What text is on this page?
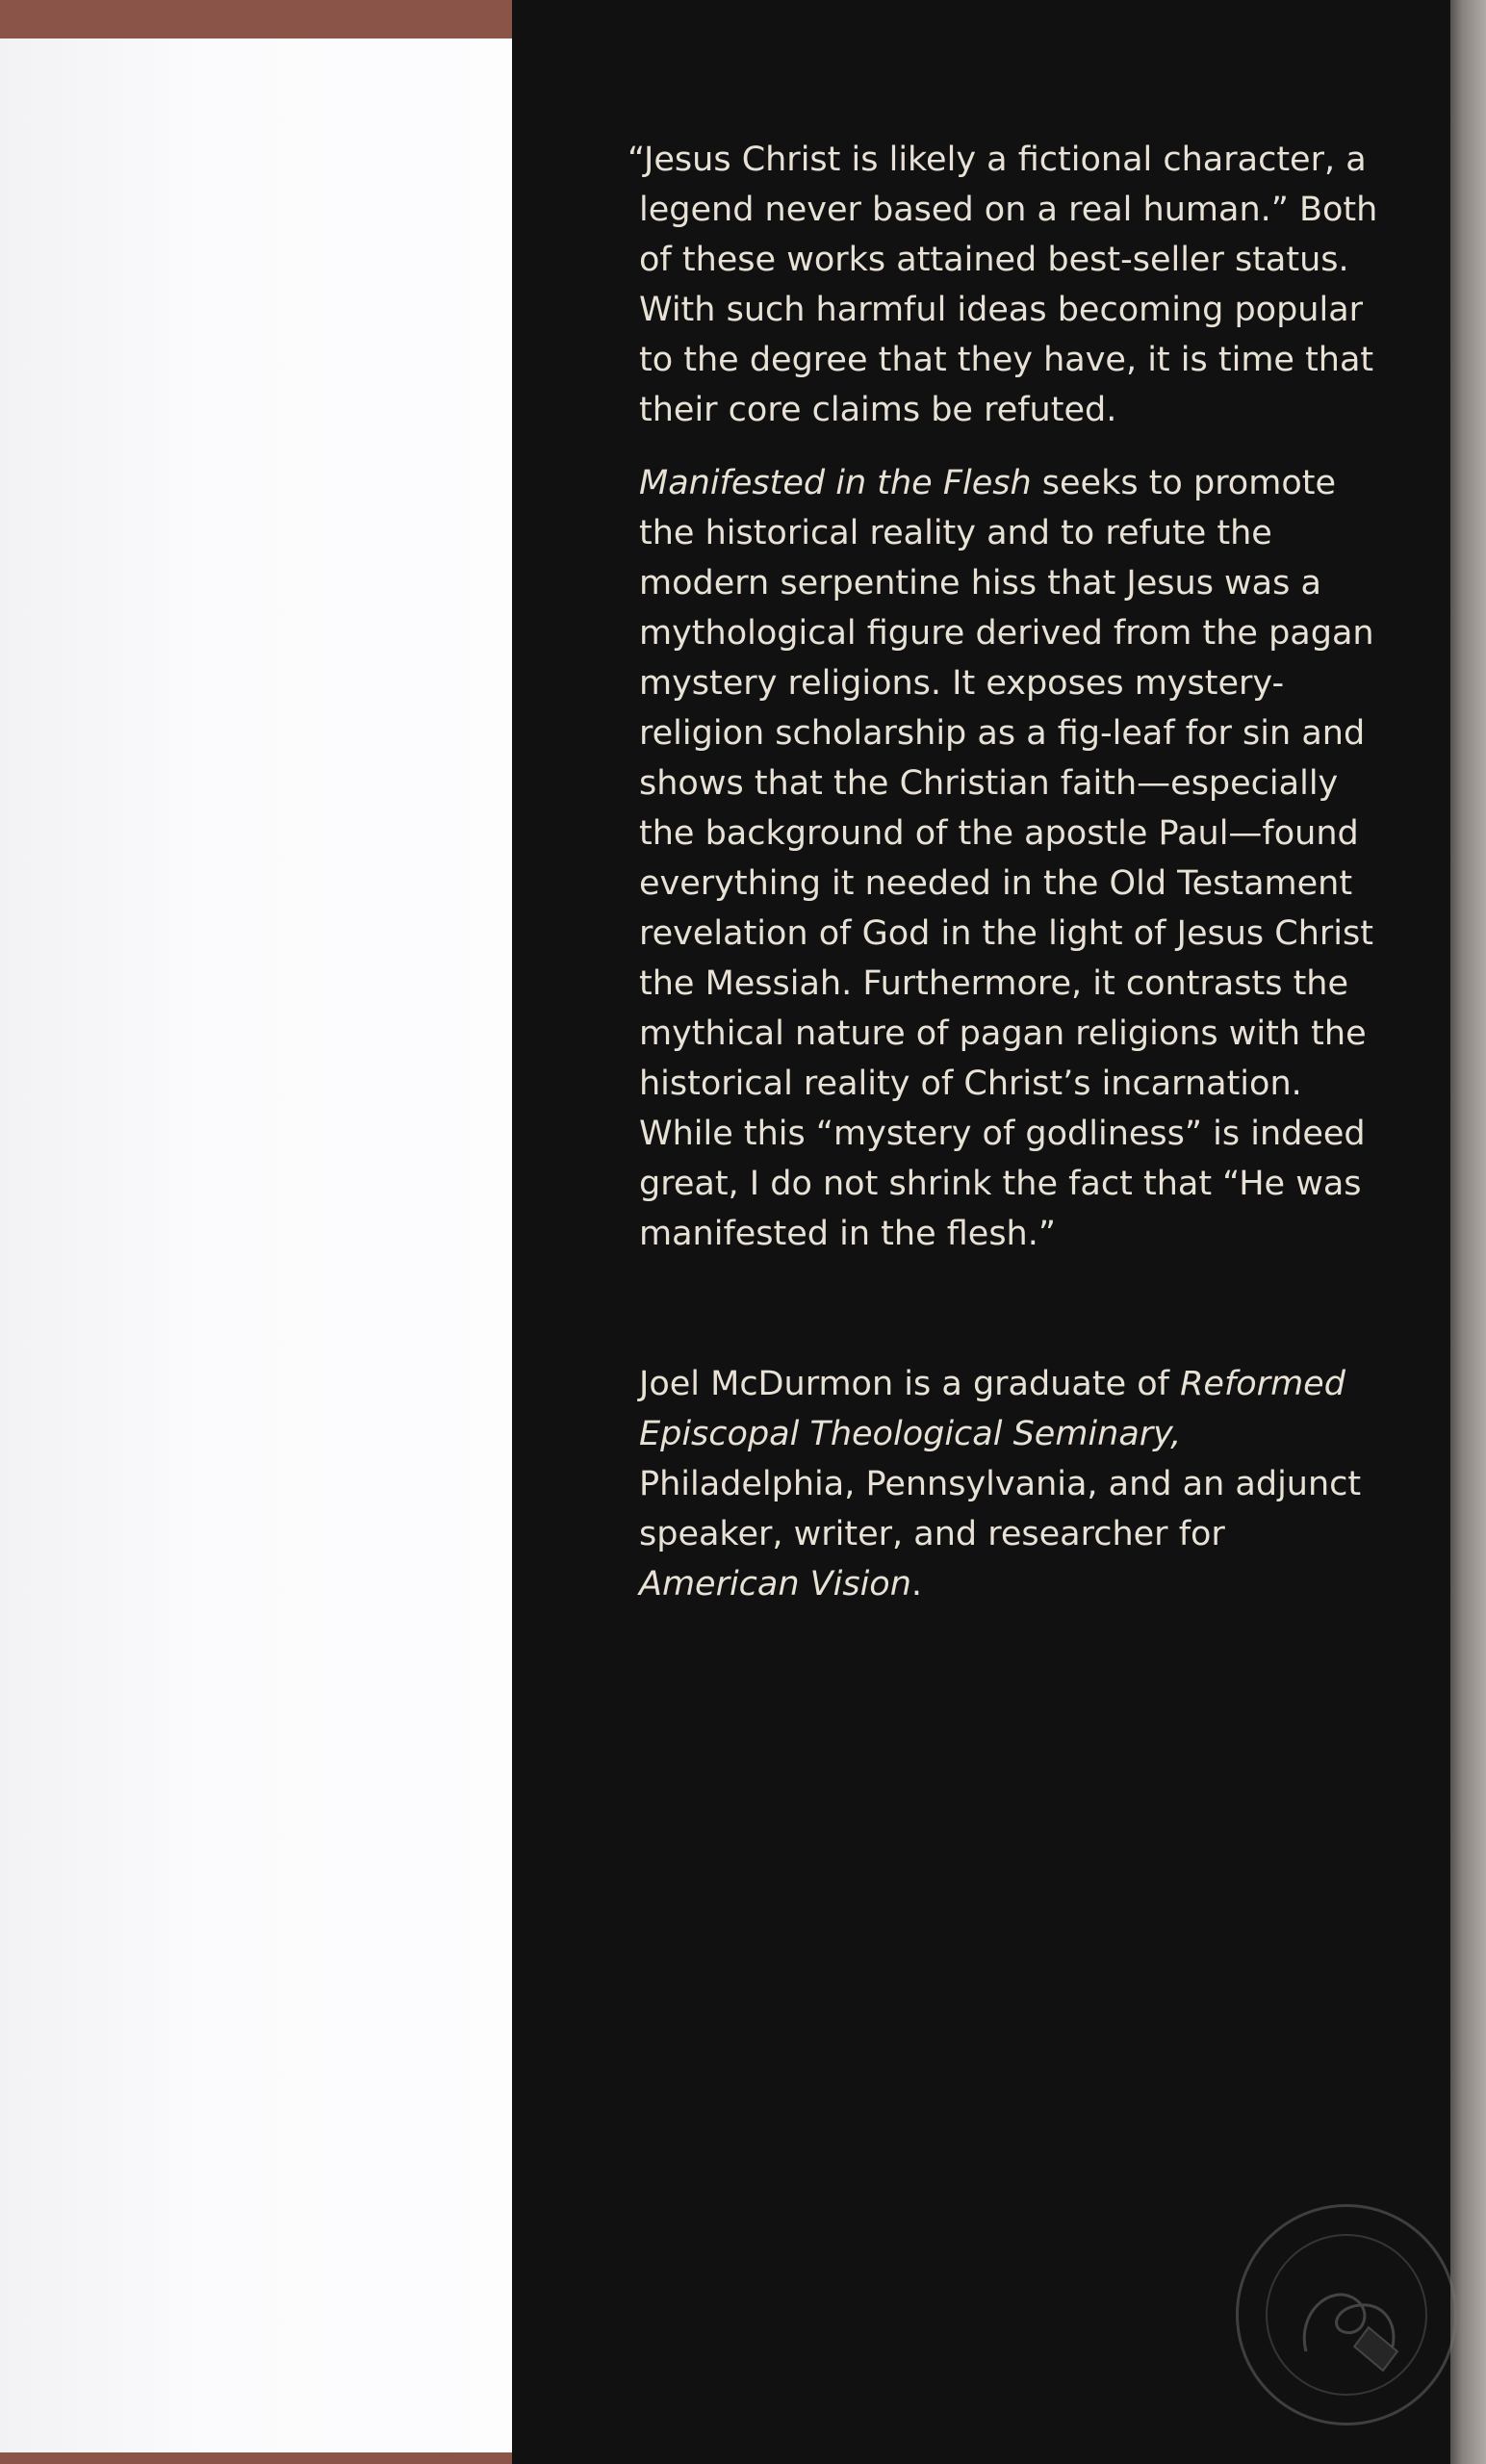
“Jesus Christ is likely a fictional character, a legend never based on a real human.” Both of these works attained best-seller status. With such harmful ideas becoming popular to the degree that they have, it is time that their core claims be refuted.

Manifested in the Flesh seeks to promote the historical reality and to refute the modern serpentine hiss that Jesus was a mythological figure derived from the pagan mystery religions. It exposes mystery-religion scholarship as a fig-leaf for sin and shows that the Christian faith—especially the background of the apostle Paul—found everything it needed in the Old Testament revelation of God in the light of Jesus Christ the Messiah. Furthermore, it contrasts the mythical nature of pagan religions with the historical reality of Christ’s incarnation. While this “mystery of godliness” is indeed great, I do not shrink the fact that “He was manifested in the flesh.”

Joel McDurmon is a graduate of Reformed Episcopal Theological Seminary, Philadelphia, Pennsylvania, and an adjunct speaker, writer, and researcher for American Vision.
